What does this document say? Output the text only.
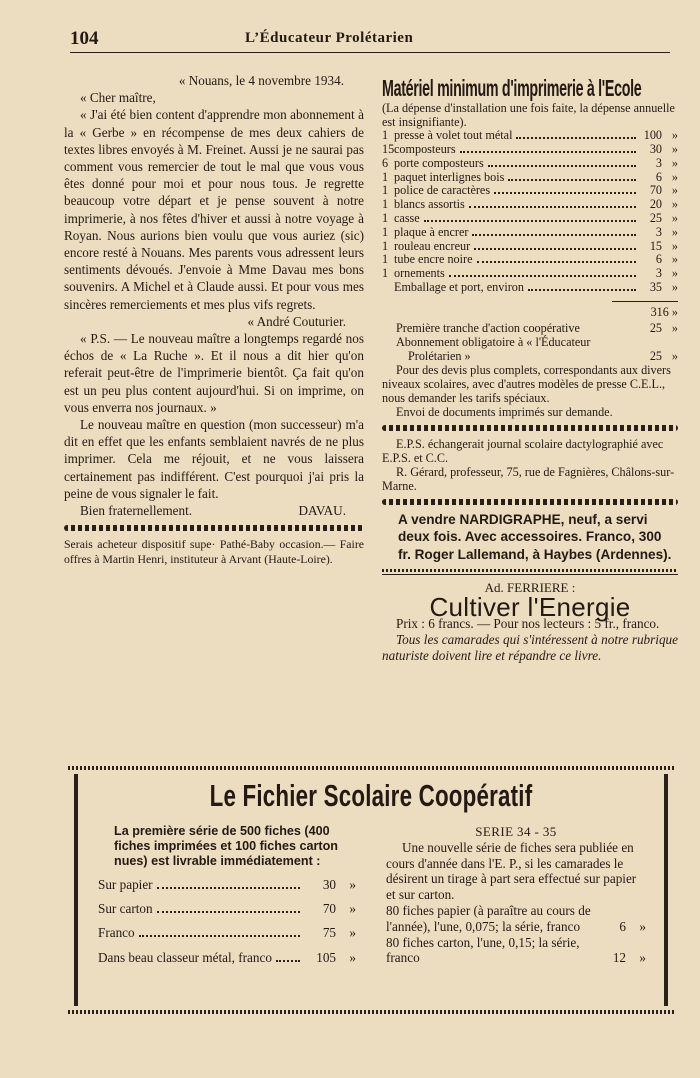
104	L’Éducateur Prolétarien

« Nouans, le 4 novembre 1934.

« Cher maître,

« J'ai été bien content d'apprendre mon abonnement à la « Gerbe » en récompense de mes deux cahiers de textes libres envoyés à M. Freinet. Aussi je ne saurai pas comment vous remercier de tout le mal que vous vous êtes donné pour moi et pour nous tous. Je regrette beaucoup votre départ et je pense souvent à notre imprimerie, à nos fêtes d'hiver et aussi à notre voyage à Royan. Nous aurions bien voulu que vous auriez (sic) encore resté à Nouans. Mes parents vous adressent leurs sentiments dévoués. J'envoie à Mme Davau mes bons souvenirs. A Michel et à Claude aussi. Et pour vous mes sincères remerciements et mes plus vifs regrets.

« André Couturier.

« P.S. — Le nouveau maître a longtemps regardé nos échos de « La Ruche ». Et il nous a dit hier qu'on referait peut-être de l'imprimerie bientôt. Ça fait qu'on est un peu plus content aujourd'hui. Si on imprime, on vous enverra nos journaux. »

Le nouveau maître en question (mon successeur) m'a dit en effet que les enfants semblaient navrés de ne plus imprimer. Cela me réjouit, et ne vous laissera certainement pas indifférent. C'est pourquoi j'ai pris la peine de vous signaler le fait.

Bien fraternellement.	DAVAU.

Serais acheteur dispositif supe· Pathé-Baby occasion.— Faire offres à Martin Henri, instituteur à Arvant (Haute-Loire).

Matériel minimum d'imprimerie à l'Ecole

(La dépense d'installation une fois faite, la dépense annuelle est insignifiante).

1 presse à volet tout métal	100 »
15 composteurs	30 »
6 porte composteurs	3 »
1 paquet interlignes bois	6 »
1 police de caractères	70 »
1 blancs assortis	20 »
1 casse	25 »
1 plaque à encrer	3 »
1 rouleau encreur	15 »
1 tube encre noire	6 »
1 ornements	3 »
Emballage et port, environ	35 »
316 »
Première tranche d'action coopérative	25 »
Abonnement obligatoire à « l'Éducateur Prolétarien »	25 »

Pour des devis plus complets, correspondants aux divers niveaux scolaires, avec d'autres modèles de presse C.E.L., nous demander les tarifs spéciaux.

Envoi de documents imprimés sur demande.

E.P.S. échangerait journal scolaire dactylographié avec E.P.S. et C.C.

R. Gérard, professeur, 75, rue de Fagnières, Châlons-sur-Marne.

A vendre NARDIGRAPHE, neuf, a servi deux fois. Avec accessoires. Franco, 300 fr. Roger Lallemand, à Haybes (Ardennes).
Ad. FERRIERE :
Cultiver l'Energie
Prix : 6 francs. — Pour nos lecteurs : 5 fr., franco.
Tous les camarades qui s'intéressent à notre rubrique naturiste doivent lire et répandre ce livre.
Le Fichier Scolaire Coopératif
La première série de 500 fiches (400 fiches imprimées et 100 fiches carton nues) est livrable immédiatement :
Sur papier	30	»
Sur carton	70	»
Franco	75	»
Dans beau classeur métal, franco	105	»
SERIE 34 - 35

Une nouvelle série de fiches sera publiée en cours d'année dans l'E. P., si les camarades le désirent un tirage à part sera effectué sur papier et sur carton.

80 fiches papier (à paraître au cours de l'année), l'une, 0,075; la série, franco	6	»
80 fiches carton, l'une, 0,15; la série, franco	12	»
